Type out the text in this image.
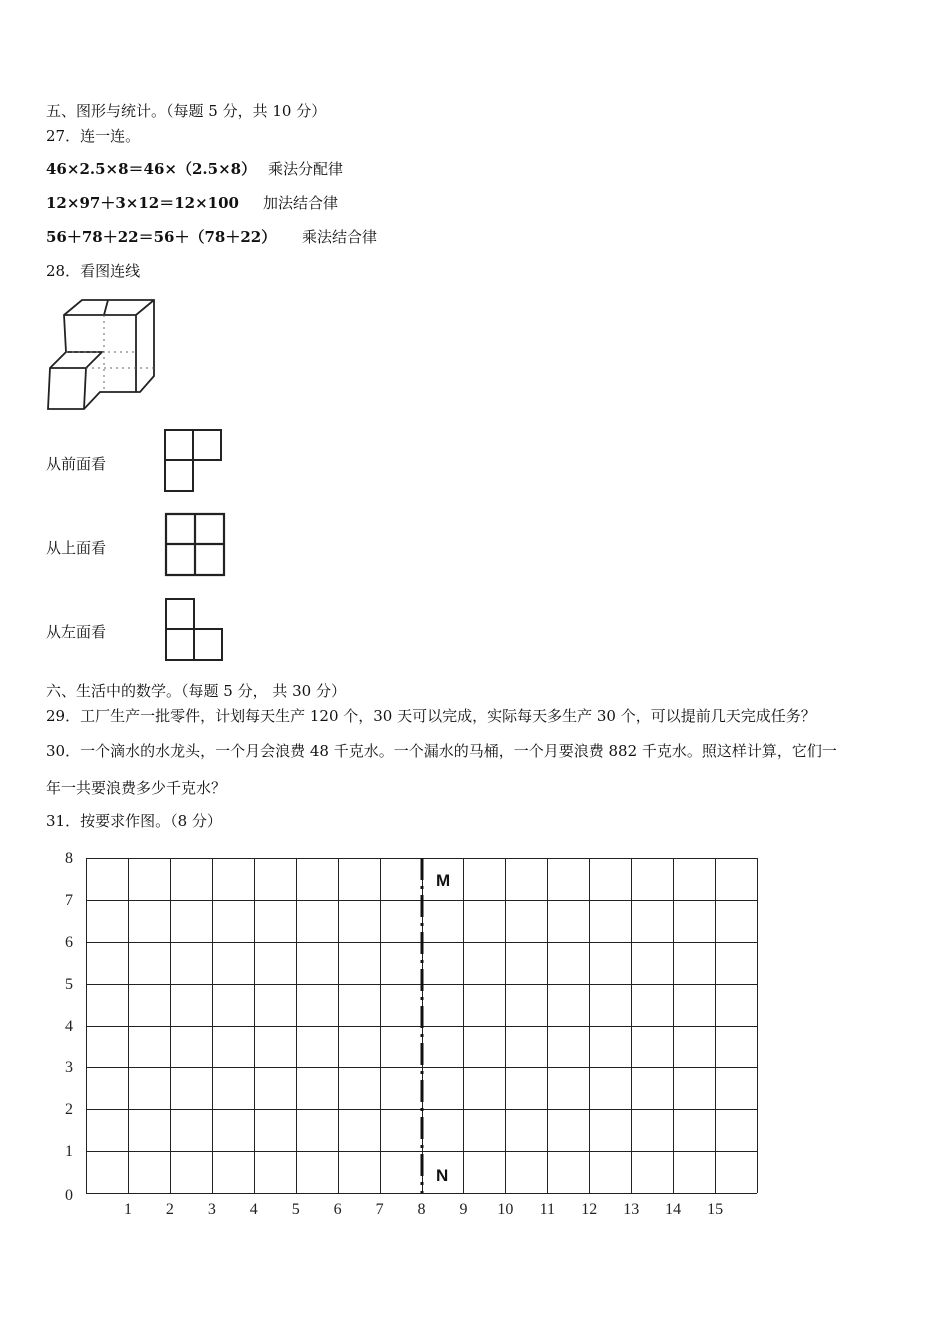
五、图形与统计。（每题 5 分，共 10 分）
27．连一连。
46×2.5×8＝46×（2.5×8） 乘法分配律
12×97＋3×12＝12×100 加法结合律
56＋78＋22＝56＋（78＋22） 乘法结合律
28．看图连线
从前面看
从上面看
从左面看
六、生活中的数学。（每题 5 分， 共 30 分）
29．工厂生产一批零件，计划每天生产 120 个，30 天可以完成，实际每天多生产 30 个，可以提前几天完成任务？
30．一个滴水的水龙头，一个月会浪费 48 千克水。一个漏水的马桶，一个月要浪费 882 千克水。照这样计算，它们一
年一共要浪费多少千克水？
31．按要求作图。（8 分）
1 2 3 4 5 6 7 8 9 10 11 12 13 14 15
0
1
2
3
4
5
6
7
8
M
N
